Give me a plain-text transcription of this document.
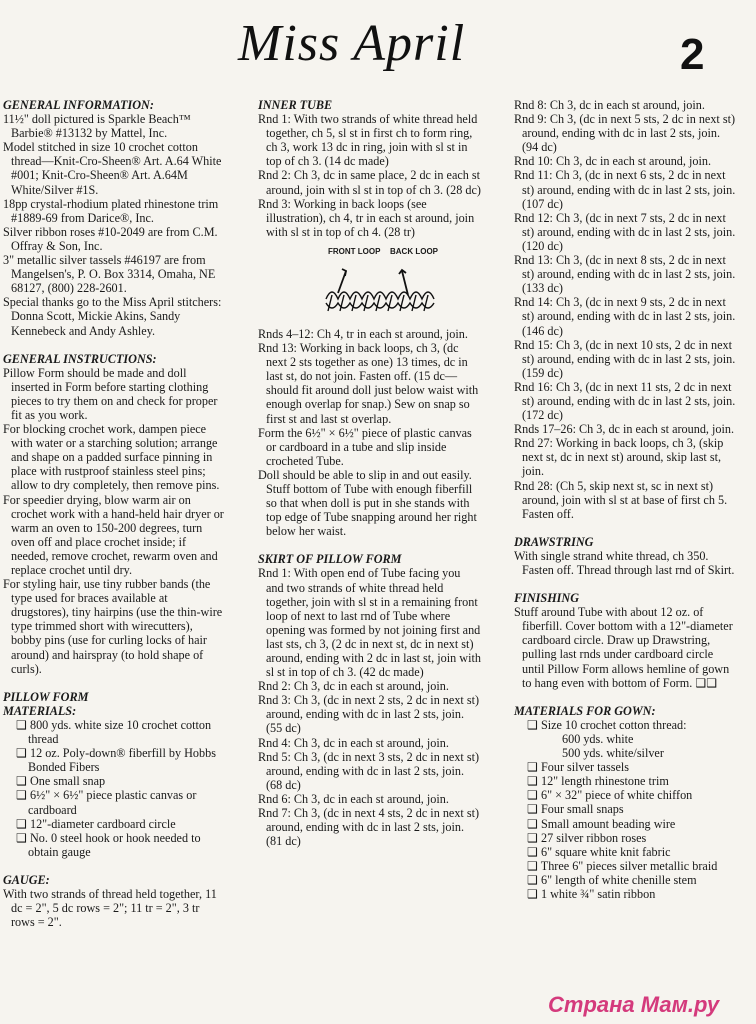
Miss April	2
GENERAL INFORMATION:

11½" doll pictured is Sparkle Beach™ Barbie® #13132 by Mattel, Inc.

Model stitched in size 10 crochet cotton thread—Knit-Cro-Sheen® Art. A.64 White #001; Knit-Cro-Sheen® Art. A.64M White/Silver #1S.

18pp crystal-rhodium plated rhinestone trim #1889-69 from Darice®, Inc.

Silver ribbon roses #10-2049 are from C.M. Offray & Son, Inc.

3" metallic silver tassels #46197 are from Mangelsen's, P. O. Box 3314, Omaha, NE 68127, (800) 228-2601.

Special thanks go to the Miss April stitchers: Donna Scott, Mickie Akins, Sandy Kennebeck and Andy Ashley.

GENERAL INSTRUCTIONS:

Pillow Form should be made and doll inserted in Form before starting clothing pieces to try them on and check for proper fit as you work.

For blocking crochet work, dampen piece with water or a starching solution; arrange and shape on a padded surface pinning in place with rustproof stainless steel pins; allow to dry completely, then remove pins.

For speedier drying, blow warm air on crochet work with a hand-held hair dryer or warm an oven to 150-200 degrees, turn oven off and place crochet inside; if needed, remove crochet, rewarm oven and replace crochet until dry.

For styling hair, use tiny rubber bands (the type used for braces available at drugstores), tiny hairpins (use the thin-wire type trimmed short with wirecutters), bobby pins (use for curling locks of hair around) and hairspray (to hold shape of curls).

PILLOW FORM
MATERIALS:

❑ 800 yds. white size 10 crochet cotton thread

❑ 12 oz. Poly-down® fiberfill by Hobbs Bonded Fibers

❑ One small snap

❑ 6½" × 6½" piece plastic canvas or cardboard

❑ 12"-diameter cardboard circle

❑ No. 0 steel hook or hook needed to obtain gauge

GAUGE:

With two strands of thread held together, 11 dc = 2", 5 dc rows = 2"; 11 tr = 2", 3 tr rows = 2".

INNER TUBE

Rnd 1: With two strands of white thread held together, ch 5, sl st in first ch to form ring, ch 3, work 13 dc in ring, join with sl st in top of ch 3. (14 dc made)

Rnd 2: Ch 3, dc in same place, 2 dc in each st around, join with sl st in top of ch 3. (28 dc)

Rnd 3: Working in back loops (see illustration), ch 4, tr in each st around, join with sl st in top of ch 4. (28 tr)

FRONT LOOP BACK LOOP

Rnds 4–12: Ch 4, tr in each st around, join.

Rnd 13: Working in back loops, ch 3, (dc next 2 sts together as one) 13 times, dc in last st, do not join. Fasten off. (15 dc—should fit around doll just below waist with enough overlap for snap.) Sew on snap so first st and last st overlap.

Form the 6½" × 6½" piece of plastic canvas or cardboard in a tube and slip inside crocheted Tube.

Doll should be able to slip in and out easily. Stuff bottom of Tube with enough fiberfill so that when doll is put in she stands with top edge of Tube snapping around her right below her waist.

SKIRT OF PILLOW FORM

Rnd 1: With open end of Tube facing you and two strands of white thread held together, join with sl st in a remaining front loop of next to last rnd of Tube where opening was formed by not joining first and last sts, ch 3, (2 dc in next st, dc in next st) around, ending with 2 dc in last st, join with sl st in top of ch 3. (42 dc made)

Rnd 2: Ch 3, dc in each st around, join.

Rnd 3: Ch 3, (dc in next 2 sts, 2 dc in next st) around, ending with dc in last 2 sts, join. (55 dc)

Rnd 4: Ch 3, dc in each st around, join.

Rnd 5: Ch 3, (dc in next 3 sts, 2 dc in next st) around, ending with dc in last 2 sts, join. (68 dc)

Rnd 6: Ch 3, dc in each st around, join.

Rnd 7: Ch 3, (dc in next 4 sts, 2 dc in next st) around, ending with dc in last 2 sts, join. (81 dc)

Rnd 8: Ch 3, dc in each st around, join.

Rnd 9: Ch 3, (dc in next 5 sts, 2 dc in next st) around, ending with dc in last 2 sts, join. (94 dc)

Rnd 10: Ch 3, dc in each st around, join.

Rnd 11: Ch 3, (dc in next 6 sts, 2 dc in next st) around, ending with dc in last 2 sts, join. (107 dc)

Rnd 12: Ch 3, (dc in next 7 sts, 2 dc in next st) around, ending with dc in last 2 sts, join. (120 dc)

Rnd 13: Ch 3, (dc in next 8 sts, 2 dc in next st) around, ending with dc in last 2 sts, join. (133 dc)

Rnd 14: Ch 3, (dc in next 9 sts, 2 dc in next st) around, ending with dc in last 2 sts, join. (146 dc)

Rnd 15: Ch 3, (dc in next 10 sts, 2 dc in next st) around, ending with dc in last 2 sts, join. (159 dc)

Rnd 16: Ch 3, (dc in next 11 sts, 2 dc in next st) around, ending with dc in last 2 sts, join. (172 dc)

Rnds 17–26: Ch 3, dc in each st around, join.

Rnd 27: Working in back loops, ch 3, (skip next st, dc in next st) around, skip last st, join.

Rnd 28: (Ch 5, skip next st, sc in next st) around, join with sl st at base of first ch 5. Fasten off.

DRAWSTRING

With single strand white thread, ch 350. Fasten off. Thread through last rnd of Skirt.

FINISHING

Stuff around Tube with about 12 oz. of fiberfill. Cover bottom with a 12"-diameter cardboard circle. Draw up Drawstring, pulling last rnds under cardboard circle until Pillow Form allows hemline of gown to hang even with bottom of Form. ❑❑

MATERIALS FOR GOWN:

❑ Size 10 crochet cotton thread:

600 yds. white

500 yds. white/silver

❑ Four silver tassels

❑ 12" length rhinestone trim

❑ 6" × 32" piece of white chiffon

❑ Four small snaps

❑ Small amount beading wire

❑ 27 silver ribbon roses

❑ 6" square white knit fabric

❑ Three 6" pieces silver metallic braid

❑ 6" length of white chenille stem

❑ 1 white ¾" satin ribbon

Страна Мам.ру
